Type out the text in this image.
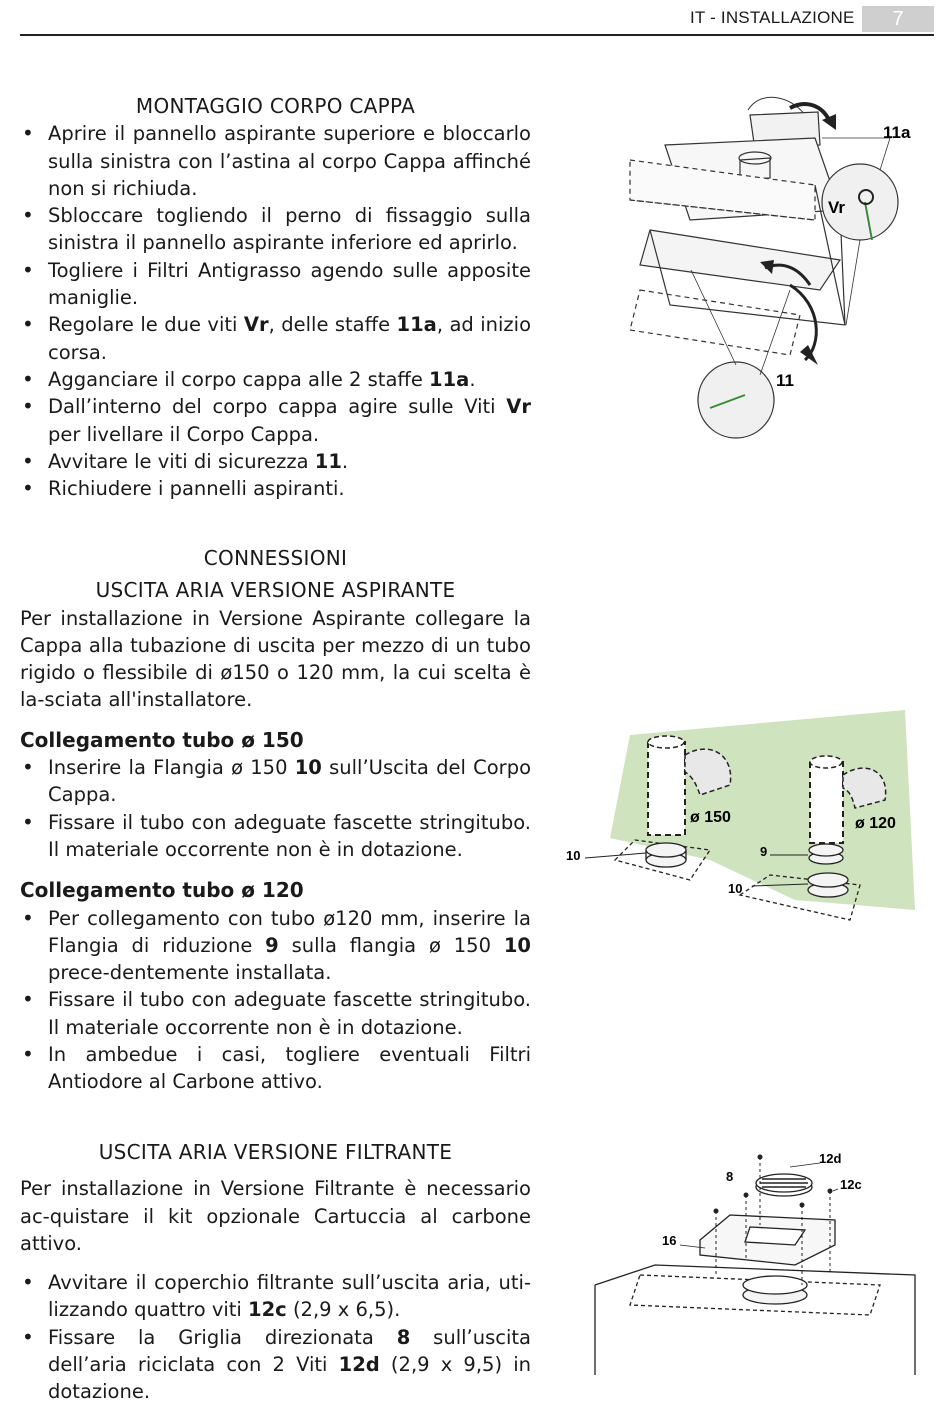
IT - INSTALLAZIONE	7
MONTAGGIO CORPO CAPPA
• Aprire il pannello aspirante superiore e bloccarlo sulla sinistra con l’astina al corpo Cappa affinché non si richiuda.
• Sbloccare togliendo il perno di fissaggio sulla sinistra il pannello aspirante inferiore ed aprirlo.
• Togliere i Filtri Antigrasso agendo sulle apposite maniglie.
• Regolare le due viti Vr, delle staffe 11a, ad inizio corsa.
• Agganciare il corpo cappa alle 2 staffe 11a.
• Dall’interno del corpo cappa agire sulle Viti Vr per livellare il Corpo Cappa.
• Avvitare le viti di sicurezza 11.
• Richiudere i pannelli aspiranti.
CONNESSIONI
USCITA ARIA VERSIONE ASPIRANTE

Per installazione in Versione Aspirante collegare la Cappa alla tubazione di uscita per mezzo di un tubo rigido o flessibile di ø150 o 120 mm, la cui scelta è la-sciata all'installatore.

Collegamento tubo ø 150

• Inserire la Flangia ø 150 10 sull’Uscita del Corpo Cappa.
• Fissare il tubo con adeguate fascette stringitubo. Il materiale occorrente non è in dotazione.

Collegamento tubo ø 120

• Per collegamento con tubo ø120 mm, inserire la Flangia di riduzione 9 sulla flangia ø 150 10 prece-dentemente installata.
• Fissare il tubo con adeguate fascette stringitubo. Il materiale occorrente non è in dotazione.
• In ambedue i casi, togliere eventuali Filtri Antiodore al Carbone attivo.
USCITA ARIA VERSIONE FILTRANTE

Per installazione in Versione Filtrante è necessario ac-quistare il kit opzionale Cartuccia al carbone attivo.

• Avvitare il coperchio filtrante sull’uscita aria, uti-lizzando quattro viti 12c (2,9 x 6,5).
• Fissare la Griglia direzionata 8 sull’uscita dell’aria riciclata con 2 Viti 12d (2,9 x 9,5) in dotazione.
11a
Vr
11
ø 150	ø 120
10	9
10
12d
8
12c
16
